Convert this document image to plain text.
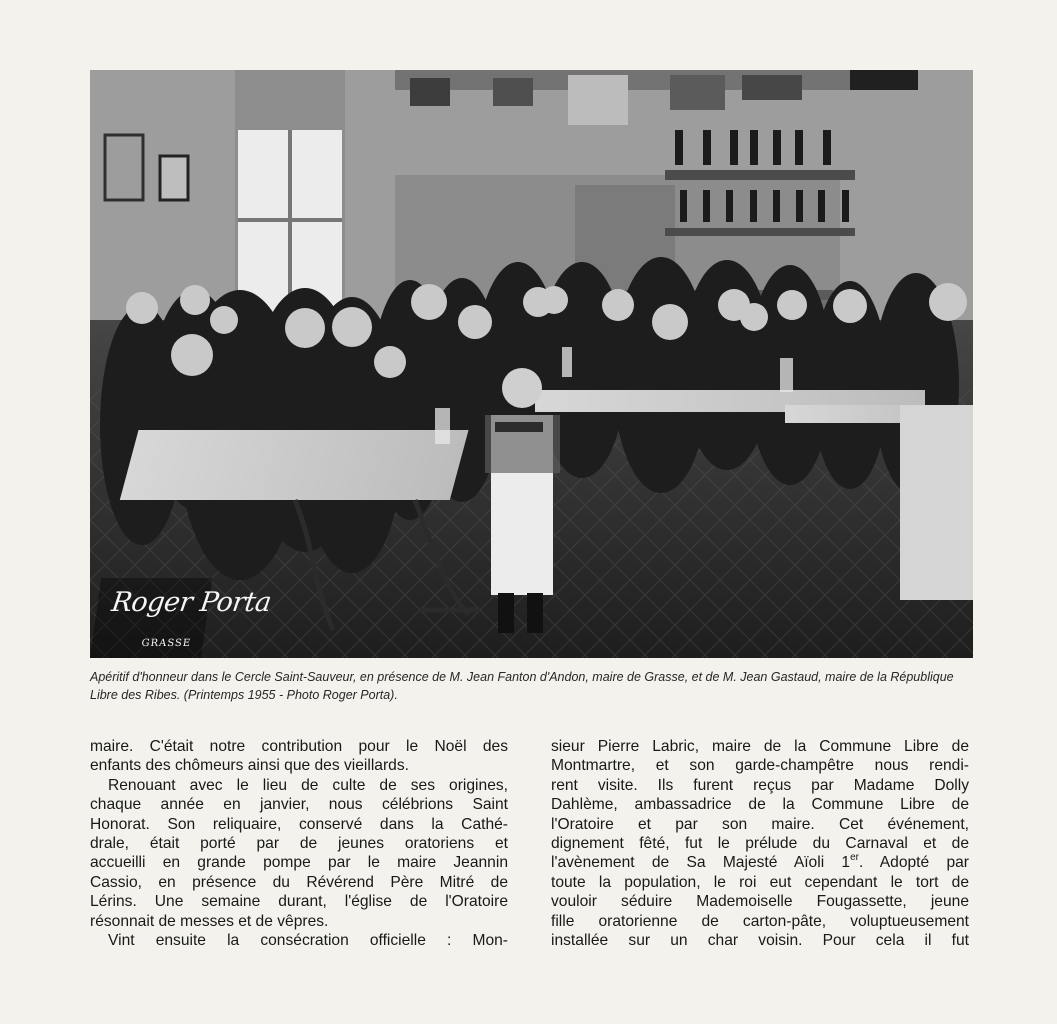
Roger Porta
GRASSE

Apéritif d'honneur dans le Cercle Saint-Sauveur, en présence de M. Jean Fanton d'Andon, maire de Grasse, et de M. Jean Gastaud, maire de la République Libre des Ribes. (Printemps 1955 - Photo Roger Porta).

maire. C'était notre contribution pour le Noël des

enfants des chômeurs ainsi que des vieillards.

Renouant avec le lieu de culte de ses origines,

chaque année en janvier, nous célébrions Saint

Honorat. Son reliquaire, conservé dans la Cathé-

drale, était porté par de jeunes oratoriens et

accueilli en grande pompe par le maire Jeannin

Cassio, en présence du Révérend Père Mitré de

Lérins. Une semaine durant, l'église de l'Oratoire

résonnait de messes et de vêpres.

Vint ensuite la consécration officielle : Mon-

sieur Pierre Labric, maire de la Commune Libre de

Montmartre, et son garde-champêtre nous rendi-

rent visite. Ils furent reçus par Madame Dolly

Dahlème, ambassadrice de la Commune Libre de

l'Oratoire et par son maire. Cet événement,

dignement fêté, fut le prélude du Carnaval et de

l'avènement de Sa Majesté Aïoli 1er. Adopté par

toute la population, le roi eut cependant le tort de

vouloir séduire Mademoiselle Fougassette, jeune

fille oratorienne de carton-pâte, voluptueusement

installée sur un char voisin. Pour cela il fut
